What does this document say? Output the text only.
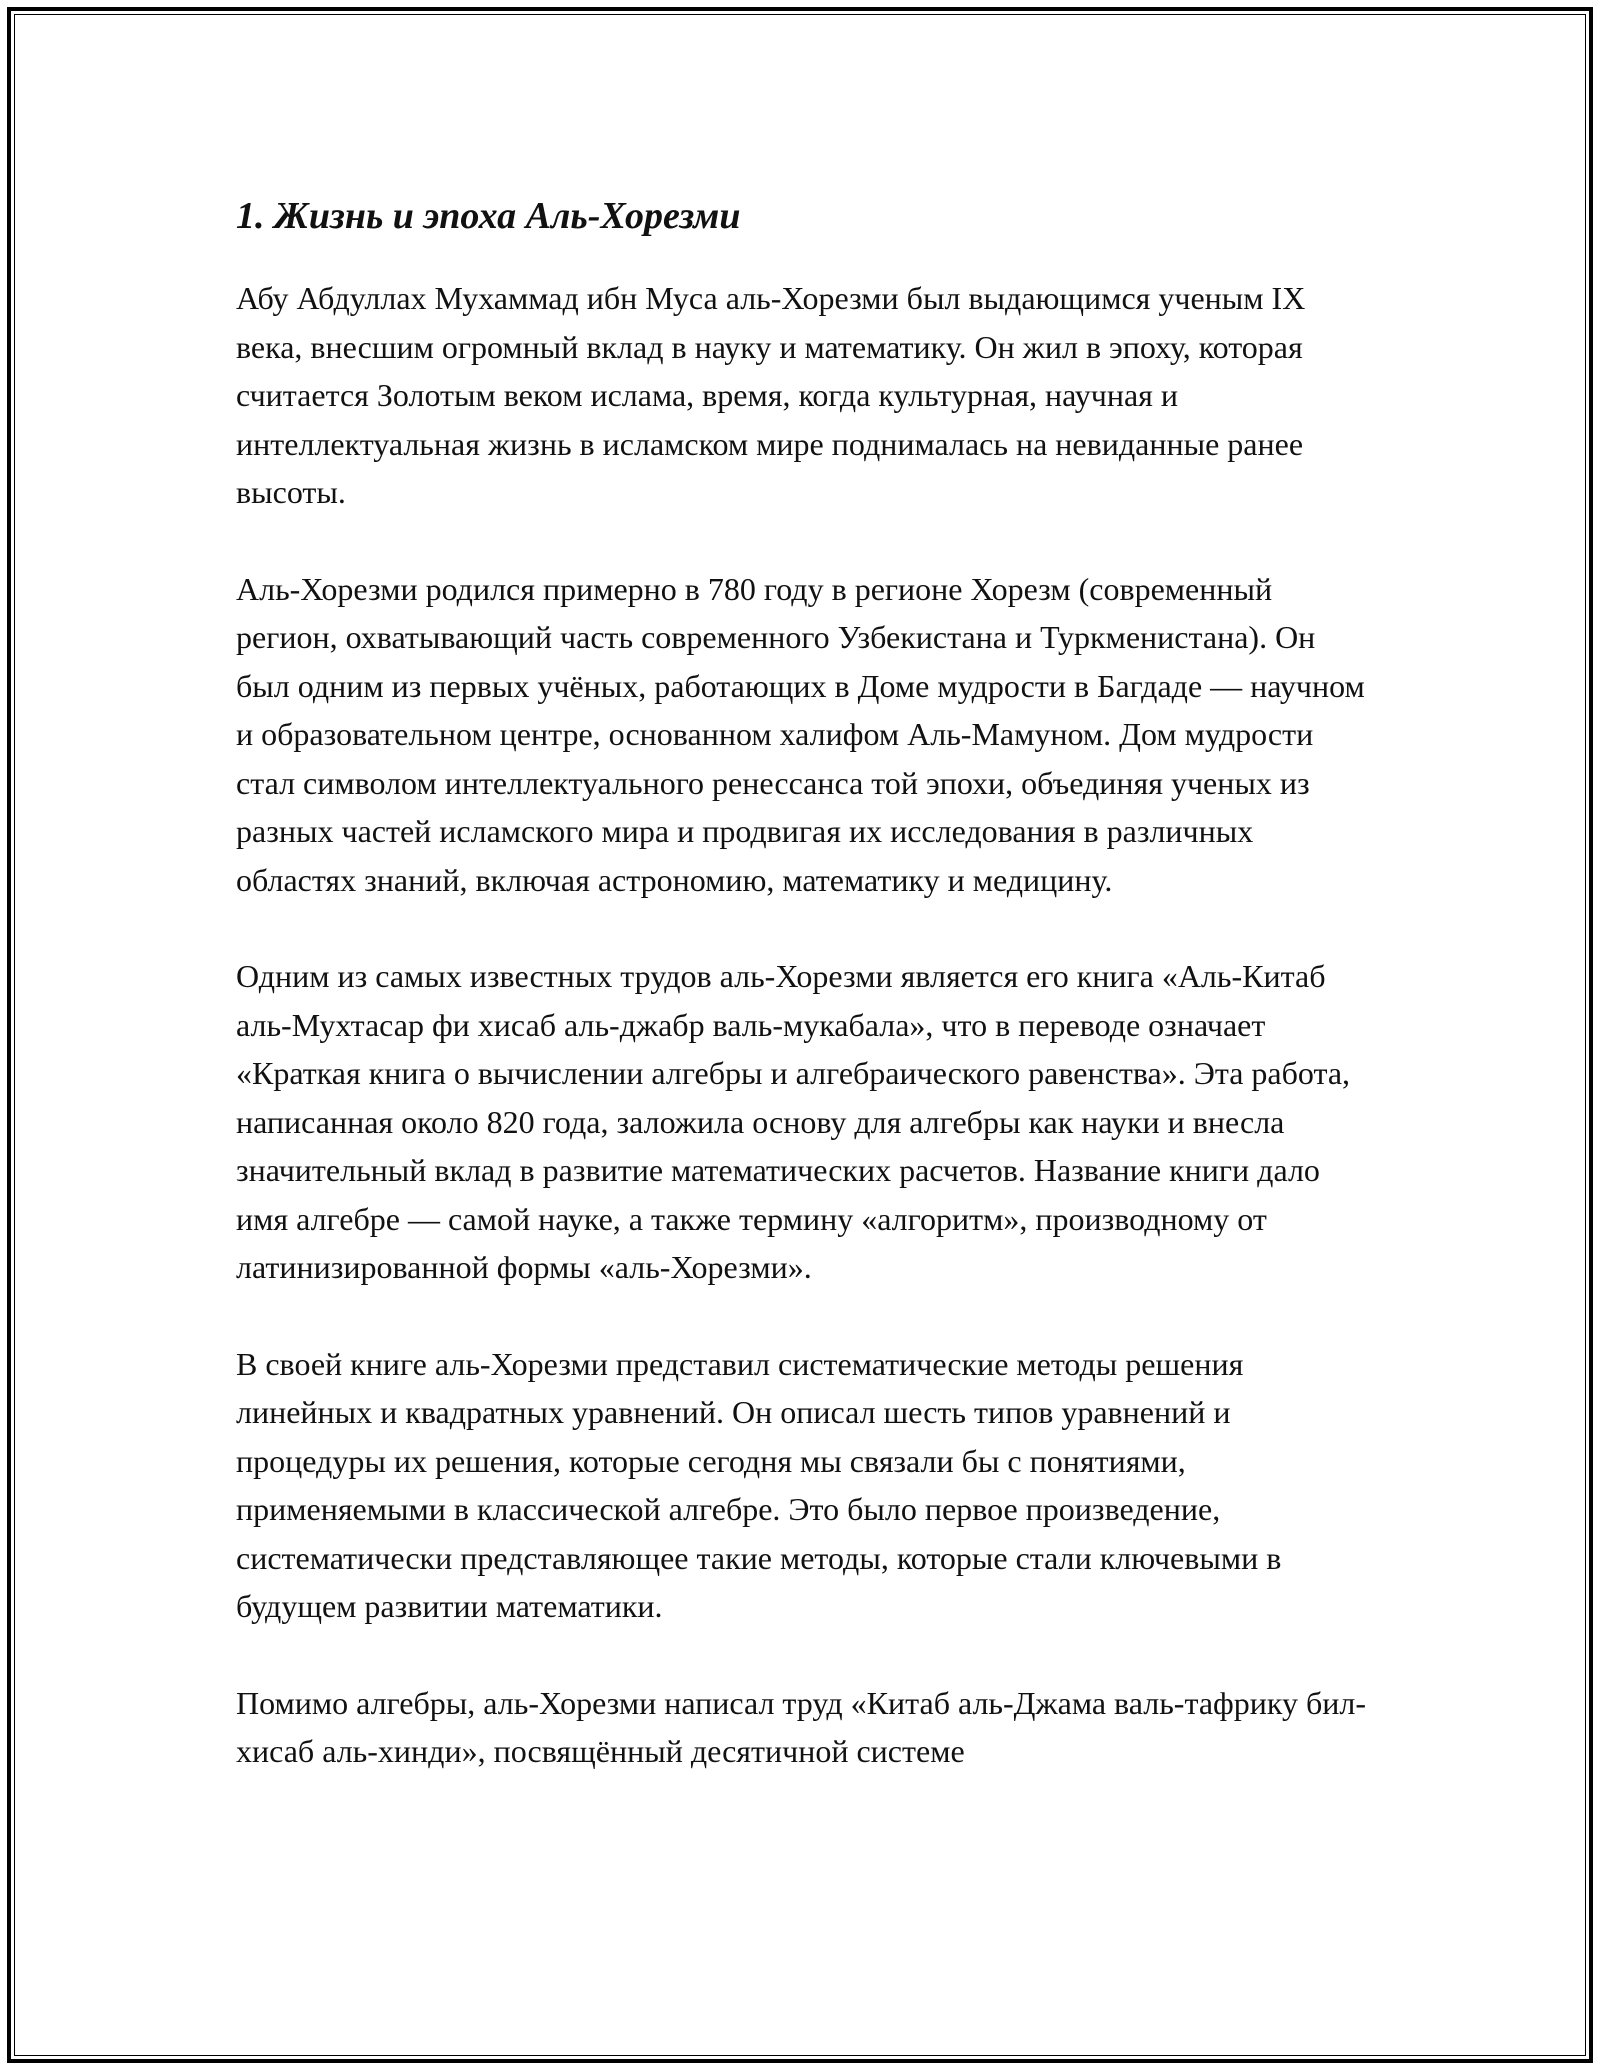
1. Жизнь и эпоха Аль-Хорезми

Абу Абдуллах Мухаммад ибн Муса аль-Хорезми был выдающимся ученым IX века, внесшим огромный вклад в науку и математику. Он жил в эпоху, которая считается Золотым веком ислама, время, когда культурная, научная и интеллектуальная жизнь в исламском мире поднималась на невиданные ранее высоты.

Аль-Хорезми родился примерно в 780 году в регионе Хорезм (современный регион, охватывающий часть современного Узбекистана и Туркменистана). Он был одним из первых учёных, работающих в Доме мудрости в Багдаде — научном и образовательном центре, основанном халифом Аль-Мамуном. Дом мудрости стал символом интеллектуального ренессанса той эпохи, объединяя ученых из разных частей исламского мира и продвигая их исследования в различных областях знаний, включая астрономию, математику и медицину.

Одним из самых известных трудов аль-Хорезми является его книга «Аль-Китаб аль-Мухтасар фи хисаб аль-джабр валь-мукабала», что в переводе означает «Краткая книга о вычислении алгебры и алгебраического равенства». Эта работа, написанная около 820 года, заложила основу для алгебры как науки и внесла значительный вклад в развитие математических расчетов. Название книги дало имя алгебре — самой науке, а также термину «алгоритм», производному от латинизированной формы «аль-Хорезми».

В своей книге аль-Хорезми представил систематические методы решения линейных и квадратных уравнений. Он описал шесть типов уравнений и процедуры их решения, которые сегодня мы связали бы с понятиями, применяемыми в классической алгебре. Это было первое произведение, систематически представляющее такие методы, которые стали ключевыми в будущем развитии математики.

Помимо алгебры, аль-Хорезми написал труд «Китаб аль-Джама валь-тафрику бил-хисаб аль-хинди», посвящённый десятичной системе
